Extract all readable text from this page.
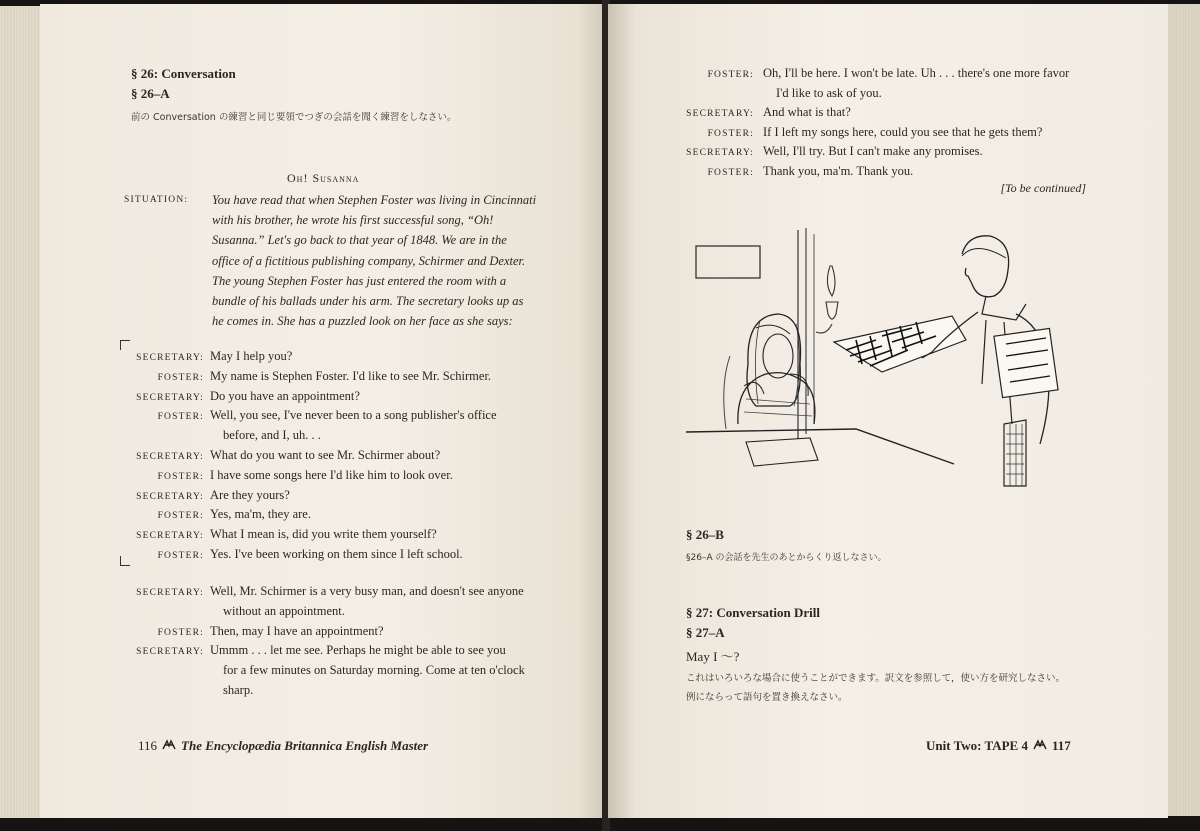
§ 26: Conversation
§ 26–A
前の Conversation の練習と同じ要領でつぎの会話を聞く練習をしなさい。
Oh! Susanna
SITUATION:	You have read that when Stephen Foster was living in Cincinnati
with his brother, he wrote his first successful song, “Oh!
Susanna.” Let's go back to that year of 1848. We are in the
office of a fictitious publishing company, Schirmer and Dexter.
The young Stephen Foster has just entered the room with a
bundle of his ballads under his arm. The secretary looks up as
he comes in. She has a puzzled look on her face as she says:
SECRETARY: May I help you?
FOSTER: My name is Stephen Foster. I'd like to see Mr. Schirmer.
SECRETARY: Do you have an appointment?
FOSTER: Well, you see, I've never been to a song publisher's office
before, and I, uh. . .
SECRETARY: What do you want to see Mr. Schirmer about?
FOSTER: I have some songs here I'd like him to look over.
SECRETARY: Are they yours?
FOSTER: Yes, ma'm, they are.
SECRETARY: What I mean is, did you write them yourself?
FOSTER: Yes. I've been working on them since I left school.
SECRETARY: Well, Mr. Schirmer is a very busy man, and doesn't see anyone
without an appointment.
FOSTER: Then, may I have an appointment?
SECRETARY: Ummm . . . let me see. Perhaps he might be able to see you
for a few minutes on Saturday morning. Come at ten o'clock
sharp.
116 The Encyclopædia Britannica English Master
FOSTER: Oh, I'll be here. I won't be late. Uh . . . there's one more favor
I'd like to ask of you.
SECRETARY: And what is that?
FOSTER: If I left my songs here, could you see that he gets them?
SECRETARY: Well, I'll try. But I can't make any promises.
FOSTER: Thank you, ma'm. Thank you.
[To be continued]
§ 26–B
§26–A の会話を先生のあとからくり返しなさい。
§ 27: Conversation Drill
§ 27–A
May I ～?
これはいろいろな場合に使うことができます。訳文を参照して，使い方を研究しなさい。
例にならって語句を置き換えなさい。
Unit Two: TAPE 4 117
